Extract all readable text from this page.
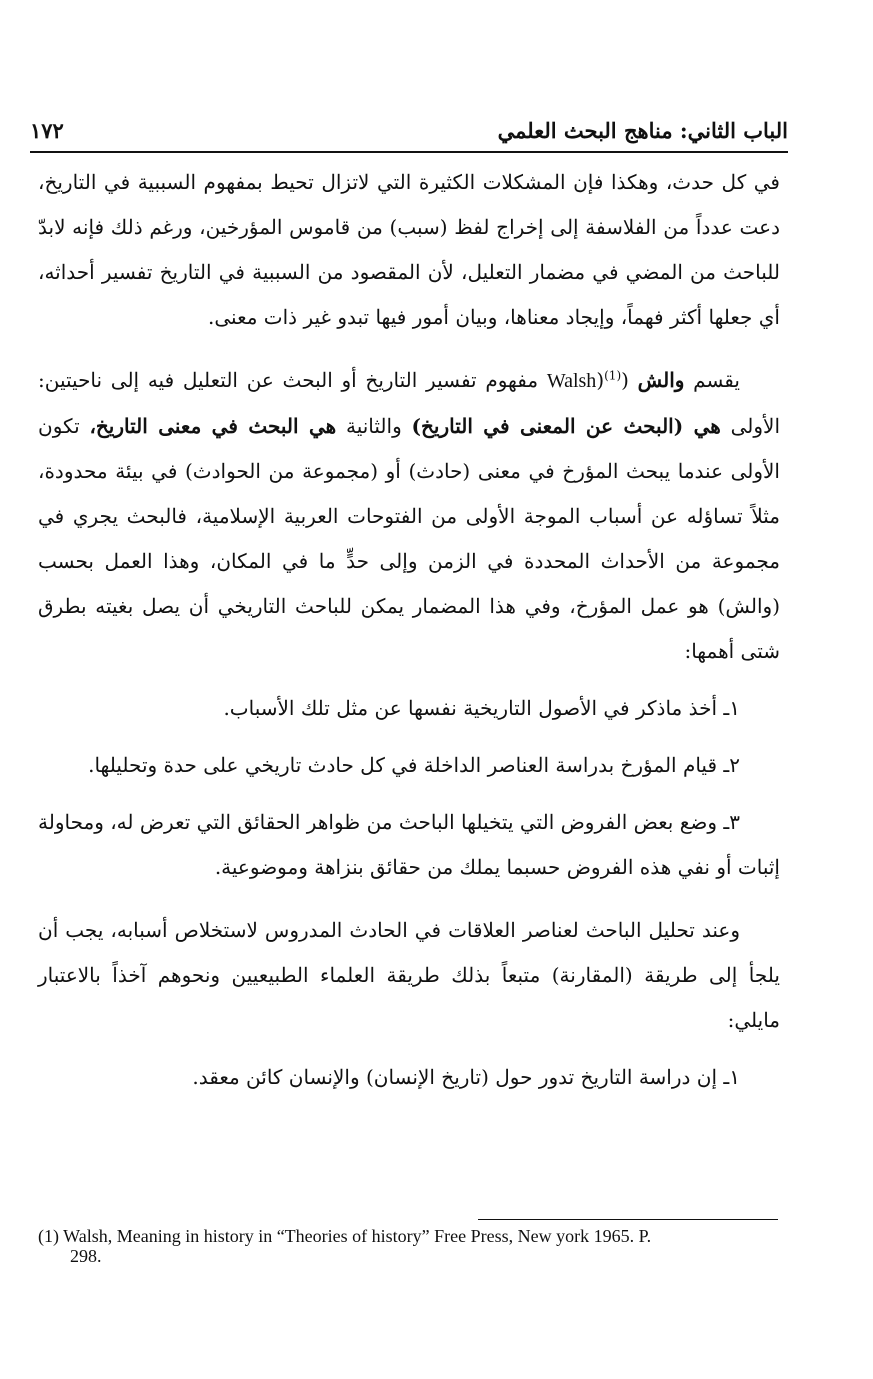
الباب الثاني: مناهج البحث العلمي
١٧٢

في كل حدث، وهكذا فإن المشكلات الكثيرة التي لاتزال تحيط بمفهوم السببية في التاريخ، دعت عدداً من الفلاسفة إلى إخراج لفظ (سبب) من قاموس المؤرخين، ورغم ذلك فإنه لابدّ للباحث من المضي في مضمار التعليل، لأن المقصود من السببية في التاريخ تفسير أحداثه، أي جعلها أكثر فهماً، وإيجاد معناها، وبيان أمور فيها تبدو غير ذات معنى.

يقسم والش (Walsh)$^{(1)}$ مفهوم تفسير التاريخ أو البحث عن التعليل فيه إلى ناحيتين: الأولى هي (البحث عن المعنى في التاريخ) والثانية هي البحث في معنى التاريخ، تكون الأولى عندما يبحث المؤرخ في معنى (حادث) أو (مجموعة من الحوادث) في بيئة محدودة، مثلاً تساؤله عن أسباب الموجة الأولى من الفتوحات العربية الإسلامية، فالبحث يجري في مجموعة من الأحداث المحددة في الزمن وإلى حدٍّ ما في المكان، وهذا العمل بحسب (والش) هو عمل المؤرخ، وفي هذا المضمار يمكن للباحث التاريخي أن يصل بغيته بطرق شتى أهمها:

١ـ أخذ ماذكر في الأصول التاريخية نفسها عن مثل تلك الأسباب.

٢ـ قيام المؤرخ بدراسة العناصر الداخلة في كل حادث تاريخي على حدة وتحليلها.

٣ـ وضع بعض الفروض التي يتخيلها الباحث من ظواهر الحقائق التي تعرض له، ومحاولة إثبات أو نفي هذه الفروض حسبما يملك من حقائق بنزاهة وموضوعية.

وعند تحليل الباحث لعناصر العلاقات في الحادث المدروس لاستخلاص أسبابه، يجب أن يلجأ إلى طريقة (المقارنة) متبعاً بذلك طريقة العلماء الطبيعيين ونحوهم آخذاً بالاعتبار مايلي:

١ـ إن دراسة التاريخ تدور حول (تاريخ الإنسان) والإنسان كائن معقد.

(1) Walsh, Meaning in history in “Theories of history” Free Press, New york 1965. P.
298.
